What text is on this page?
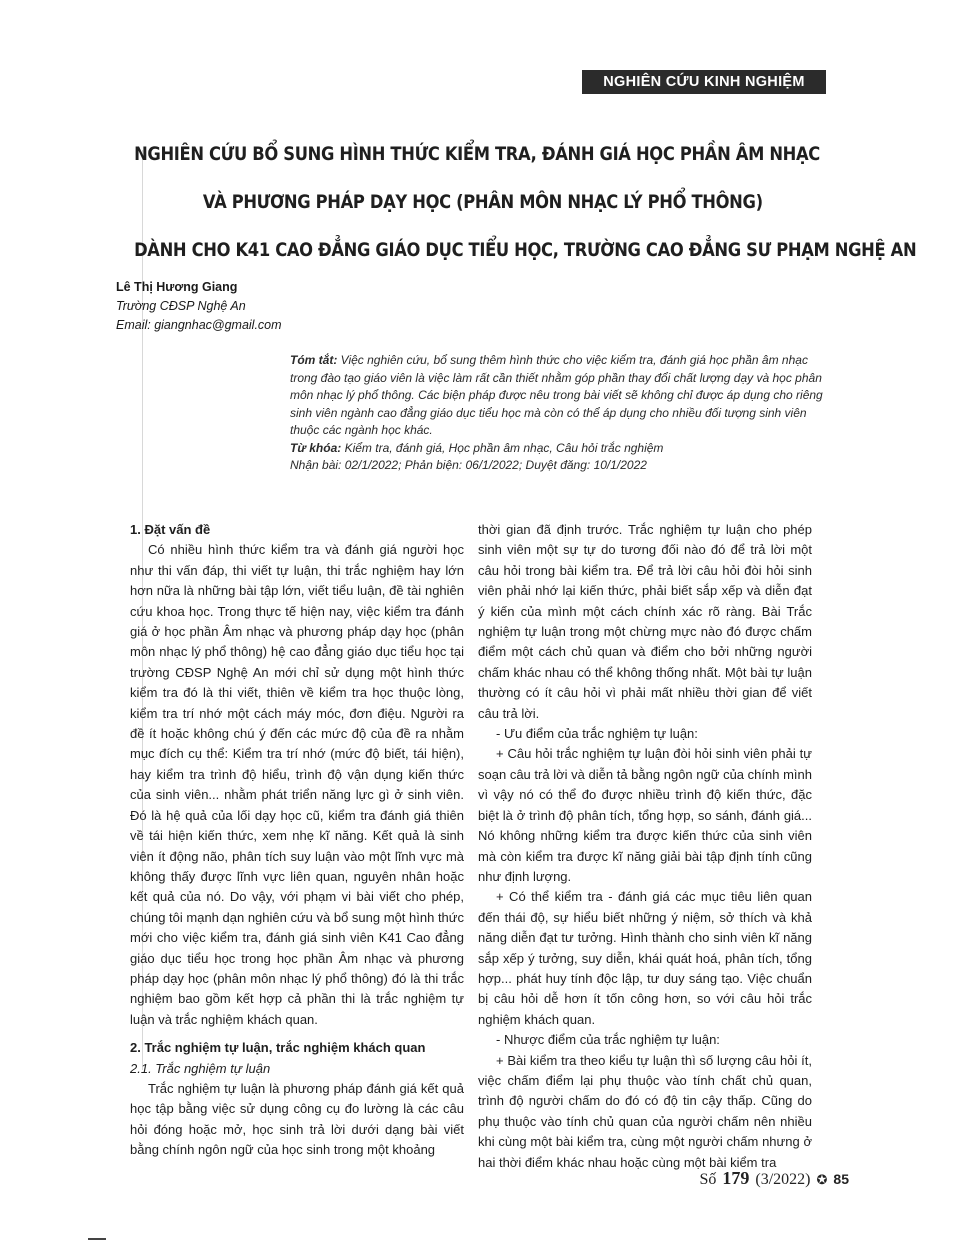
NGHIÊN CỨU KINH NGHIỆM
NGHIÊN CỨU BỔ SUNG HÌNH THỨC KIỂM TRA, ĐÁNH GIÁ HỌC PHẦN ÂM NHẠC
VÀ PHƯƠNG PHÁP DẠY HỌC (PHÂN MÔN NHẠC LÝ PHỔ THÔNG)
DÀNH CHO K41 CAO ĐẲNG GIÁO DỤC TIỂU HỌC, TRƯỜNG CAO ĐẲNG SƯ PHẠM NGHỆ AN
Lê Thị Hương Giang
Trường CĐSP Nghệ An
Email: giangnhac@gmail.com
Tóm tắt: Việc nghiên cứu, bổ sung thêm hình thức cho việc kiểm tra, đánh giá học phần âm nhạc trong đào tạo giáo viên là việc làm rất cần thiết nhằm góp phần thay đổi chất lượng dạy và học phân môn nhạc lý phổ thông. Các biện pháp được nêu trong bài viết sẽ không chỉ được áp dụng cho riêng sinh viên ngành cao đẳng giáo dục tiểu học mà còn có thể áp dụng cho nhiều đối tượng sinh viên thuộc các ngành học khác.
Từ khóa: Kiểm tra, đánh giá, Học phần âm nhạc, Câu hỏi trắc nghiệm
Nhận bài: 02/1/2022; Phản biện: 06/1/2022; Duyệt đăng: 10/1/2022
1. Đặt vấn đề

Có nhiều hình thức kiểm tra và đánh giá người học như thi vấn đáp, thi viết tự luận, thi trắc nghiệm hay lớn hơn nữa là những bài tập lớn, viết tiểu luận, đề tài nghiên cứu khoa học. Trong thực tế hiện nay, việc kiểm tra đánh giá ở học phần Âm nhạc và phương pháp dạy học (phân môn nhạc lý phổ thông) hệ cao đẳng giáo dục tiểu học tại trường CĐSP Nghệ An mới chỉ sử dụng một hình thức kiểm tra đó là thi viết, thiên về kiểm tra học thuộc lòng, kiểm tra trí nhớ một cách máy móc, đơn điệu. Người ra đề ít hoặc không chú ý đến các mức độ của đề ra nhằm mục đích cụ thể: Kiểm tra trí nhớ (mức độ biết, tái hiện), hay kiểm tra trình độ hiểu, trình độ vận dụng kiến thức của sinh viên... nhằm phát triển năng lực gì ở sinh viên. Đó là hệ quả của lối dạy học cũ, kiểm tra đánh giá thiên về tái hiện kiến thức, xem nhẹ kĩ năng. Kết quả là sinh viên ít động não, phân tích suy luận vào một lĩnh vực mà không thấy được lĩnh vực liên quan, nguyên nhân hoặc kết quả của nó. Do vậy, với phạm vi bài viết cho phép, chúng tôi mạnh dạn nghiên cứu và bổ sung một hình thức mới cho việc kiểm tra, đánh giá sinh viên K41 Cao đẳng giáo dục tiểu học trong học phần Âm nhạc và phương pháp dạy học (phân môn nhạc lý phổ thông) đó là thi trắc nghiệm bao gồm kết hợp cả phần thi là trắc nghiệm tự luận và trắc nghiệm khách quan.

2. Trắc nghiệm tự luận, trắc nghiệm khách quan
2.1. Trắc nghiệm tự luận

Trắc nghiệm tự luận là phương pháp đánh giá kết quả học tập bằng việc sử dụng công cụ đo lường là các câu hỏi đóng hoặc mở, học sinh trả lời dưới dạng bài viết bằng chính ngôn ngữ của học sinh trong một khoảng

thời gian đã định trước. Trắc nghiệm tự luận cho phép sinh viên một sự tự do tương đối nào đó để trả lời một câu hỏi trong bài kiểm tra. Để trả lời câu hỏi đòi hỏi sinh viên phải nhớ lại kiến thức, phải biết sắp xếp và diễn đạt ý kiến của mình một cách chính xác rõ ràng. Bài Trắc nghiệm tự luận trong một chừng mực nào đó được chấm điểm một cách chủ quan và điểm cho bởi những người chấm khác nhau có thể không thống nhất. Một bài tự luận thường có ít câu hỏi vì phải mất nhiều thời gian để viết câu trả lời.

- Ưu điểm của trắc nghiệm tự luận:

+ Câu hỏi trắc nghiệm tự luận đòi hỏi sinh viên phải tự soạn câu trả lời và diễn tả bằng ngôn ngữ của chính mình vì vậy nó có thể đo được nhiều trình độ kiến thức, đặc biệt là ở trình độ phân tích, tổng hợp, so sánh, đánh giá... Nó không những kiểm tra được kiến thức của sinh viên mà còn kiểm tra được kĩ năng giải bài tập định tính cũng như định lượng.

+ Có thể kiểm tra - đánh giá các mục tiêu liên quan đến thái độ, sự hiểu biết những ý niệm, sở thích và khả năng diễn đạt tư tưởng. Hình thành cho sinh viên kĩ năng sắp xếp ý tưởng, suy diễn, khái quát hoá, phân tích, tổng hợp... phát huy tính độc lập, tư duy sáng tạo. Việc chuẩn bị câu hỏi dễ hơn ít tốn công hơn, so với câu hỏi trắc nghiệm khách quan.

- Nhược điểm của trắc nghiệm tự luận:

+ Bài kiểm tra theo kiểu tự luận thì số lượng câu hỏi ít, việc chấm điểm lại phụ thuộc vào tính chất chủ quan, trình độ người chấm do đó có độ tin cậy thấp. Cũng do phụ thuộc vào tính chủ quan của người chấm nên nhiều khi cùng một bài kiểm tra, cùng một người chấm nhưng ở hai thời điểm khác nhau hoặc cùng một bài kiểm tra

Số 179 (3/2022) ✪ 85
